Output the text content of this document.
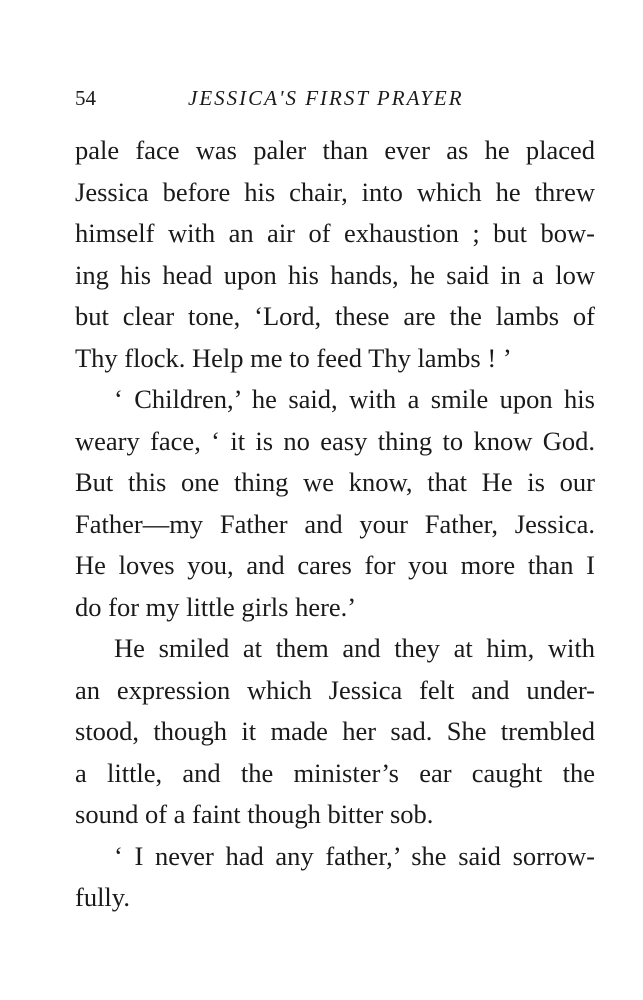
54	JESSICA'S FIRST PRAYER
pale face was paler than ever as he placed
Jessica before his chair, into which he threw
himself with an air of exhaustion ; but bow-
ing his head upon his hands, he said in a low
but clear tone, ‘Lord, these are the lambs of
Thy flock. Help me to feed Thy lambs ! ’
‘ Children,’ he said, with a smile upon his
weary face, ‘ it is no easy thing to know God.
But this one thing we know, that He is our
Father—my Father and your Father, Jessica.
He loves you, and cares for you more than I
do for my little girls here.’
He smiled at them and they at him, with
an expression which Jessica felt and under-
stood, though it made her sad. She trembled
a little, and the minister’s ear caught the
sound of a faint though bitter sob.
‘ I never had any father,’ she said sorrow-
fully.
